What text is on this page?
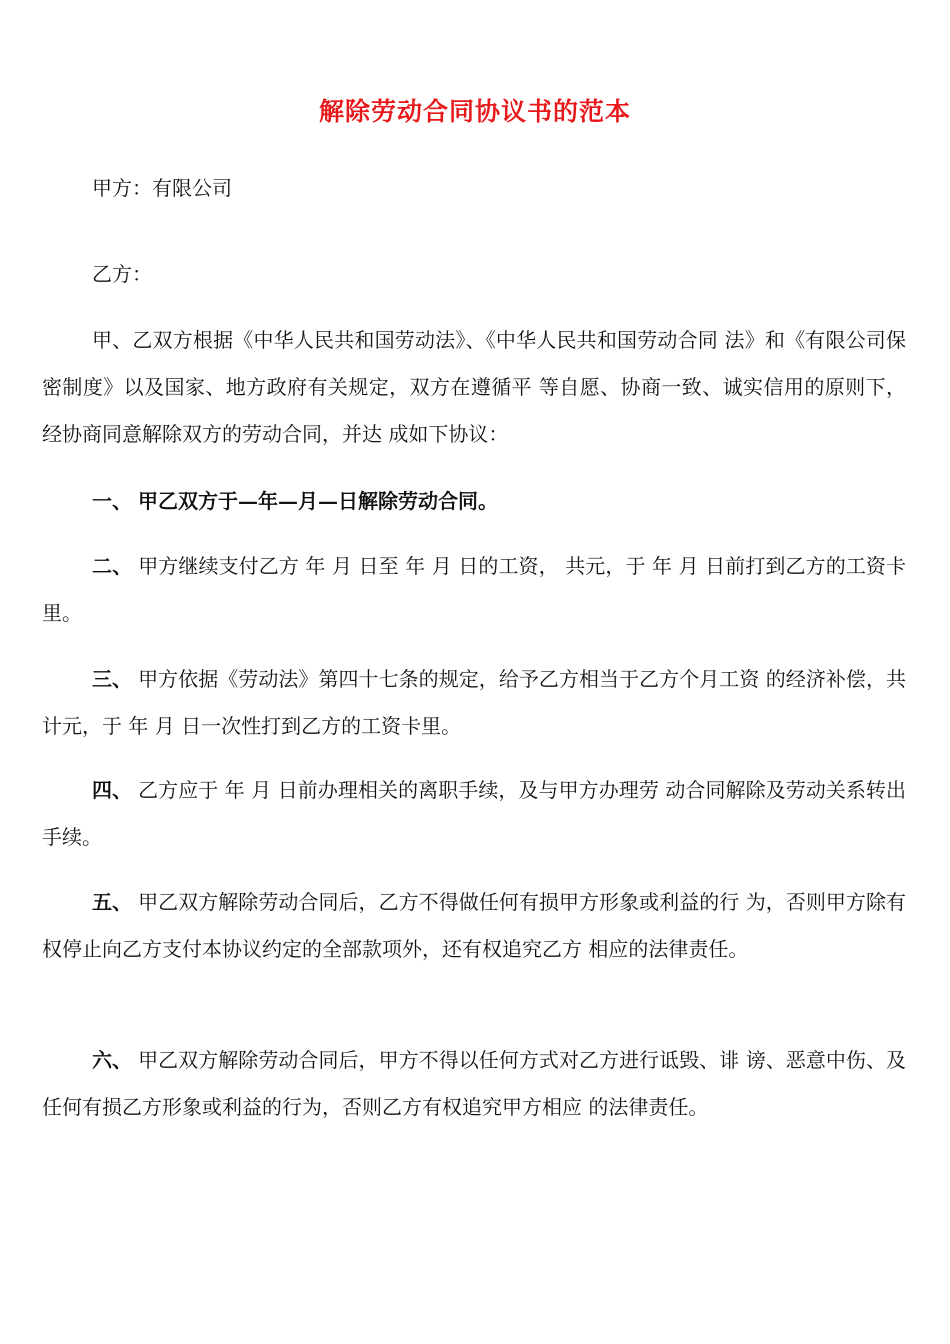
解除劳动合同协议书的范本
甲方：有限公司
乙方：
甲、乙双方根据《中华人民共和国劳动法》、《中华人民共和国劳动合同 法》和《有限公司保密制度》以及国家、地方政府有关规定，双方在遵循平 等自愿、协商一致、诚实信用的原则下，经协商同意解除双方的劳动合同，并达 成如下协议：
一、 甲乙双方于—年—月—日解除劳动合同。
二、 甲方继续支付乙方 年 月 日至 年 月 日的工资， 共元，于 年 月 日前打到乙方的工资卡里。
三、 甲方依据《劳动法》第四十七条的规定，给予乙方相当于乙方个月工资 的经济补偿，共计元，于 年 月 日一次性打到乙方的工资卡里。
四、 乙方应于 年 月 日前办理相关的离职手续，及与甲方办理劳 动合同解除及劳动关系转出手续。
五、 甲乙双方解除劳动合同后，乙方不得做任何有损甲方形象或利益的行 为，否则甲方除有权停止向乙方支付本协议约定的全部款项外，还有权追究乙方 相应的法律责任。
六、 甲乙双方解除劳动合同后，甲方不得以任何方式对乙方进行诋毁、诽 谤、恶意中伤、及任何有损乙方形象或利益的行为，否则乙方有权追究甲方相应 的法律责任。
